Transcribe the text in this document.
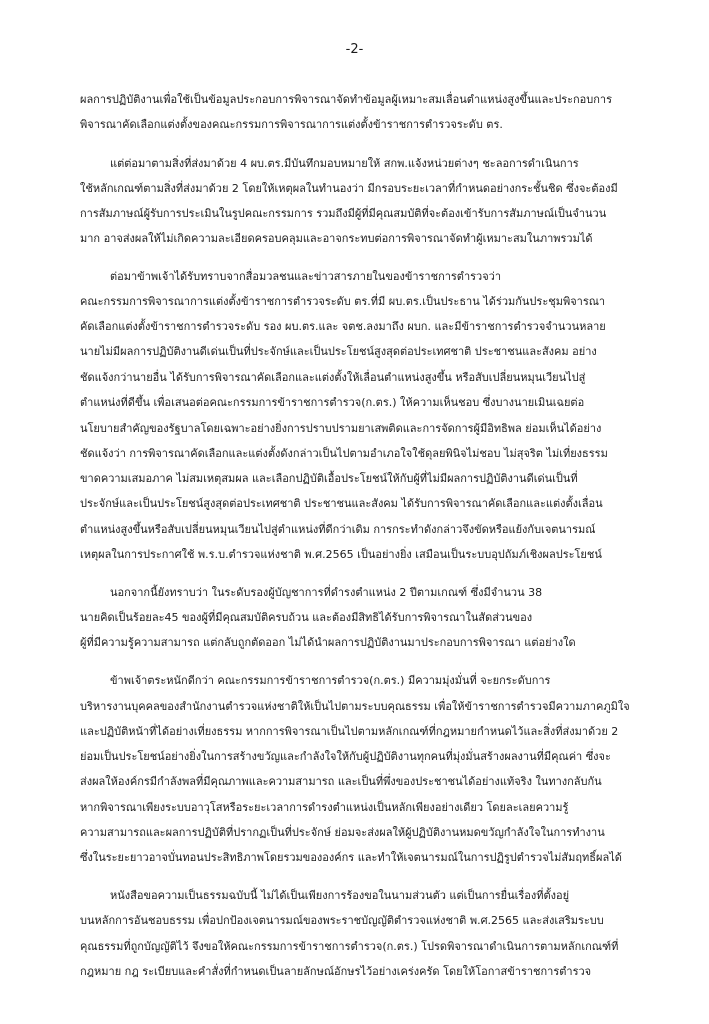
-2-
ผลการปฏิบัติงานเพื่อใช้เป็นข้อมูลประกอบการพิจารณาจัดทำข้อมูลผู้เหมาะสมเลื่อนตำแหน่งสูงขึ้นและประกอบการ
พิจารณาคัดเลือกแต่งตั้งของคณะกรรมการพิจารณาการแต่งตั้งข้าราชการตำรวจระดับ ตร.
แต่ต่อมาตามสิ่งที่ส่งมาด้วย 4 ผบ.ตร.มีบันทึกมอบหมายให้ สกพ.แจ้งหน่วยต่างๆ ชะลอการดำเนินการ
ใช้หลักเกณฑ์ตามสิ่งที่ส่งมาด้วย 2 โดยให้เหตุผลในทำนองว่า มีกรอบระยะเวลาที่กำหนดอย่างกระชั้นชิด ซึ่งจะต้องมี
การสัมภาษณ์ผู้รับการประเมินในรูปคณะกรรมการ รวมถึงมีผู้ที่มีคุณสมบัติที่จะต้องเข้ารับการสัมภาษณ์เป็นจำนวน
มาก อาจส่งผลให้ไม่เกิดความละเอียดครอบคลุมและอาจกระทบต่อการพิจารณาจัดทำผู้เหมาะสมในภาพรวมได้
ต่อมาข้าพเจ้าได้รับทราบจากสื่อมวลชนและข่าวสารภายในของข้าราชการตำรวจว่า
คณะกรรมการพิจารณาการแต่งตั้งข้าราชการตำรวจระดับ ตร.ที่มี ผบ.ตร.เป็นประธาน ได้ร่วมกันประชุมพิจารณา
คัดเลือกแต่งตั้งข้าราชการตำรวจระดับ รอง ผบ.ตร.และ จตช.ลงมาถึง ผบก. และมีข้าราชการตำรวจจำนวนหลาย
นายไม่มีผลการปฏิบัติงานดีเด่นเป็นที่ประจักษ์และเป็นประโยชน์สูงสุดต่อประเทศชาติ ประชาชนและสังคม อย่าง
ชัดแจ้งกว่านายอื่น ได้รับการพิจารณาคัดเลือกและแต่งตั้งให้เลื่อนตำแหน่งสูงขึ้น หรือสับเปลี่ยนหมุนเวียนไปสู่
ตำแหน่งที่ดีขึ้น เพื่อเสนอต่อคณะกรรมการข้าราชการตำรวจ(ก.ตร.) ให้ความเห็นชอบ ซึ่งบางนายเมินเฉยต่อ
นโยบายสำคัญของรัฐบาลโดยเฉพาะอย่างยิ่งการปราบปรามยาเสพติดและการจัดการผู้มีอิทธิพล ย่อมเห็นได้อย่าง
ชัดแจ้งว่า การพิจารณาคัดเลือกและแต่งตั้งดังกล่าวเป็นไปตามอำเภอใจใช้ดุลยพินิจไม่ชอบ ไม่สุจริต ไม่เที่ยงธรรม
ขาดความเสมอภาค ไม่สมเหตุสมผล และเลือกปฏิบัติเอื้อประโยชน์ให้กับผู้ที่ไม่มีผลการปฏิบัติงานดีเด่นเป็นที่
ประจักษ์และเป็นประโยชน์สูงสุดต่อประเทศชาติ ประชาชนและสังคม ได้รับการพิจารณาคัดเลือกและแต่งตั้งเลื่อน
ตำแหน่งสูงขึ้นหรือสับเปลี่ยนหมุนเวียนไปสู่ตำแหน่งที่ดีกว่าเดิม การกระทำดังกล่าวจึงขัดหรือแย้งกับเจตนารมณ์
เหตุผลในการประกาศใช้ พ.ร.บ.ตำรวจแห่งชาติ พ.ศ.2565 เป็นอย่างยิ่ง เสมือนเป็นระบบอุปถัมภ์เชิงผลประโยชน์
นอกจากนี้ยังทราบว่า ในระดับรองผู้บัญชาการที่ดำรงตำแหน่ง 2 ปีตามเกณฑ์ ซึ่งมีจำนวน 38
นายคิดเป็นร้อยละ45 ของผู้ที่มีคุณสมบัติครบถ้วน และต้องมีสิทธิได้รับการพิจารณาในสัดส่วนของ
ผู้ที่มีความรู้ความสามารถ แต่กลับถูกตัดออก ไม่ได้นำผลการปฏิบัติงานมาประกอบการพิจารณา แต่อย่างใด
ข้าพเจ้าตระหนักดีกว่า คณะกรรมการข้าราชการตำรวจ(ก.ตร.) มีความมุ่งมั่นที่ จะยกระดับการ
บริหารงานบุคคลของสำนักงานตำรวจแห่งชาติให้เป็นไปตามระบบคุณธรรม เพื่อให้ข้าราชการตำรวจมีความภาคภูมิใจ
และปฏิบัติหน้าที่ได้อย่างเที่ยงธรรม หากการพิจารณาเป็นไปตามหลักเกณฑ์ที่กฎหมายกำหนดไว้และสิ่งที่ส่งมาด้วย 2
ย่อมเป็นประโยชน์อย่างยิ่งในการสร้างขวัญและกำลังใจให้กับผู้ปฏิบัติงานทุกคนที่มุ่งมั่นสร้างผลงานที่มีคุณค่า ซึ่งจะ
ส่งผลให้องค์กรมีกำลังพลที่มีคุณภาพและความสามารถ และเป็นที่พึ่งของประชาชนได้อย่างแท้จริง ในทางกลับกัน
หากพิจารณาเพียงระบบอาวุโสหรือระยะเวลาการดำรงตำแหน่งเป็นหลักเพียงอย่างเดียว โดยละเลยความรู้
ความสามารถและผลการปฏิบัติที่ปรากฏเป็นที่ประจักษ์ ย่อมจะส่งผลให้ผู้ปฏิบัติงานหมดขวัญกำลังใจในการทำงาน
ซึ่งในระยะยาวอาจบั่นทอนประสิทธิภาพโดยรวมขององค์กร และทำให้เจตนารมณ์ในการปฏิรูปตำรวจไม่สัมฤทธิ์ผลได้
หนังสือขอความเป็นธรรมฉบับนี้ ไม่ได้เป็นเพียงการร้องขอในนามส่วนตัว แต่เป็นการยื่นเรื่องที่ตั้งอยู่
บนหลักการอันชอบธรรม เพื่อปกป้องเจตนารมณ์ของพระราชบัญญัติตำรวจแห่งชาติ พ.ศ.2565 และส่งเสริมระบบ
คุณธรรมที่ถูกบัญญัติไว้ จึงขอให้คณะกรรมการข้าราชการตำรวจ(ก.ตร.) โปรดพิจารณาดำเนินการตามหลักเกณฑ์ที่
กฎหมาย กฎ ระเบียบและคำสั่งที่กำหนดเป็นลายลักษณ์อักษรไว้อย่างเคร่งครัด โดยให้โอกาสข้าราชการตำรวจ
